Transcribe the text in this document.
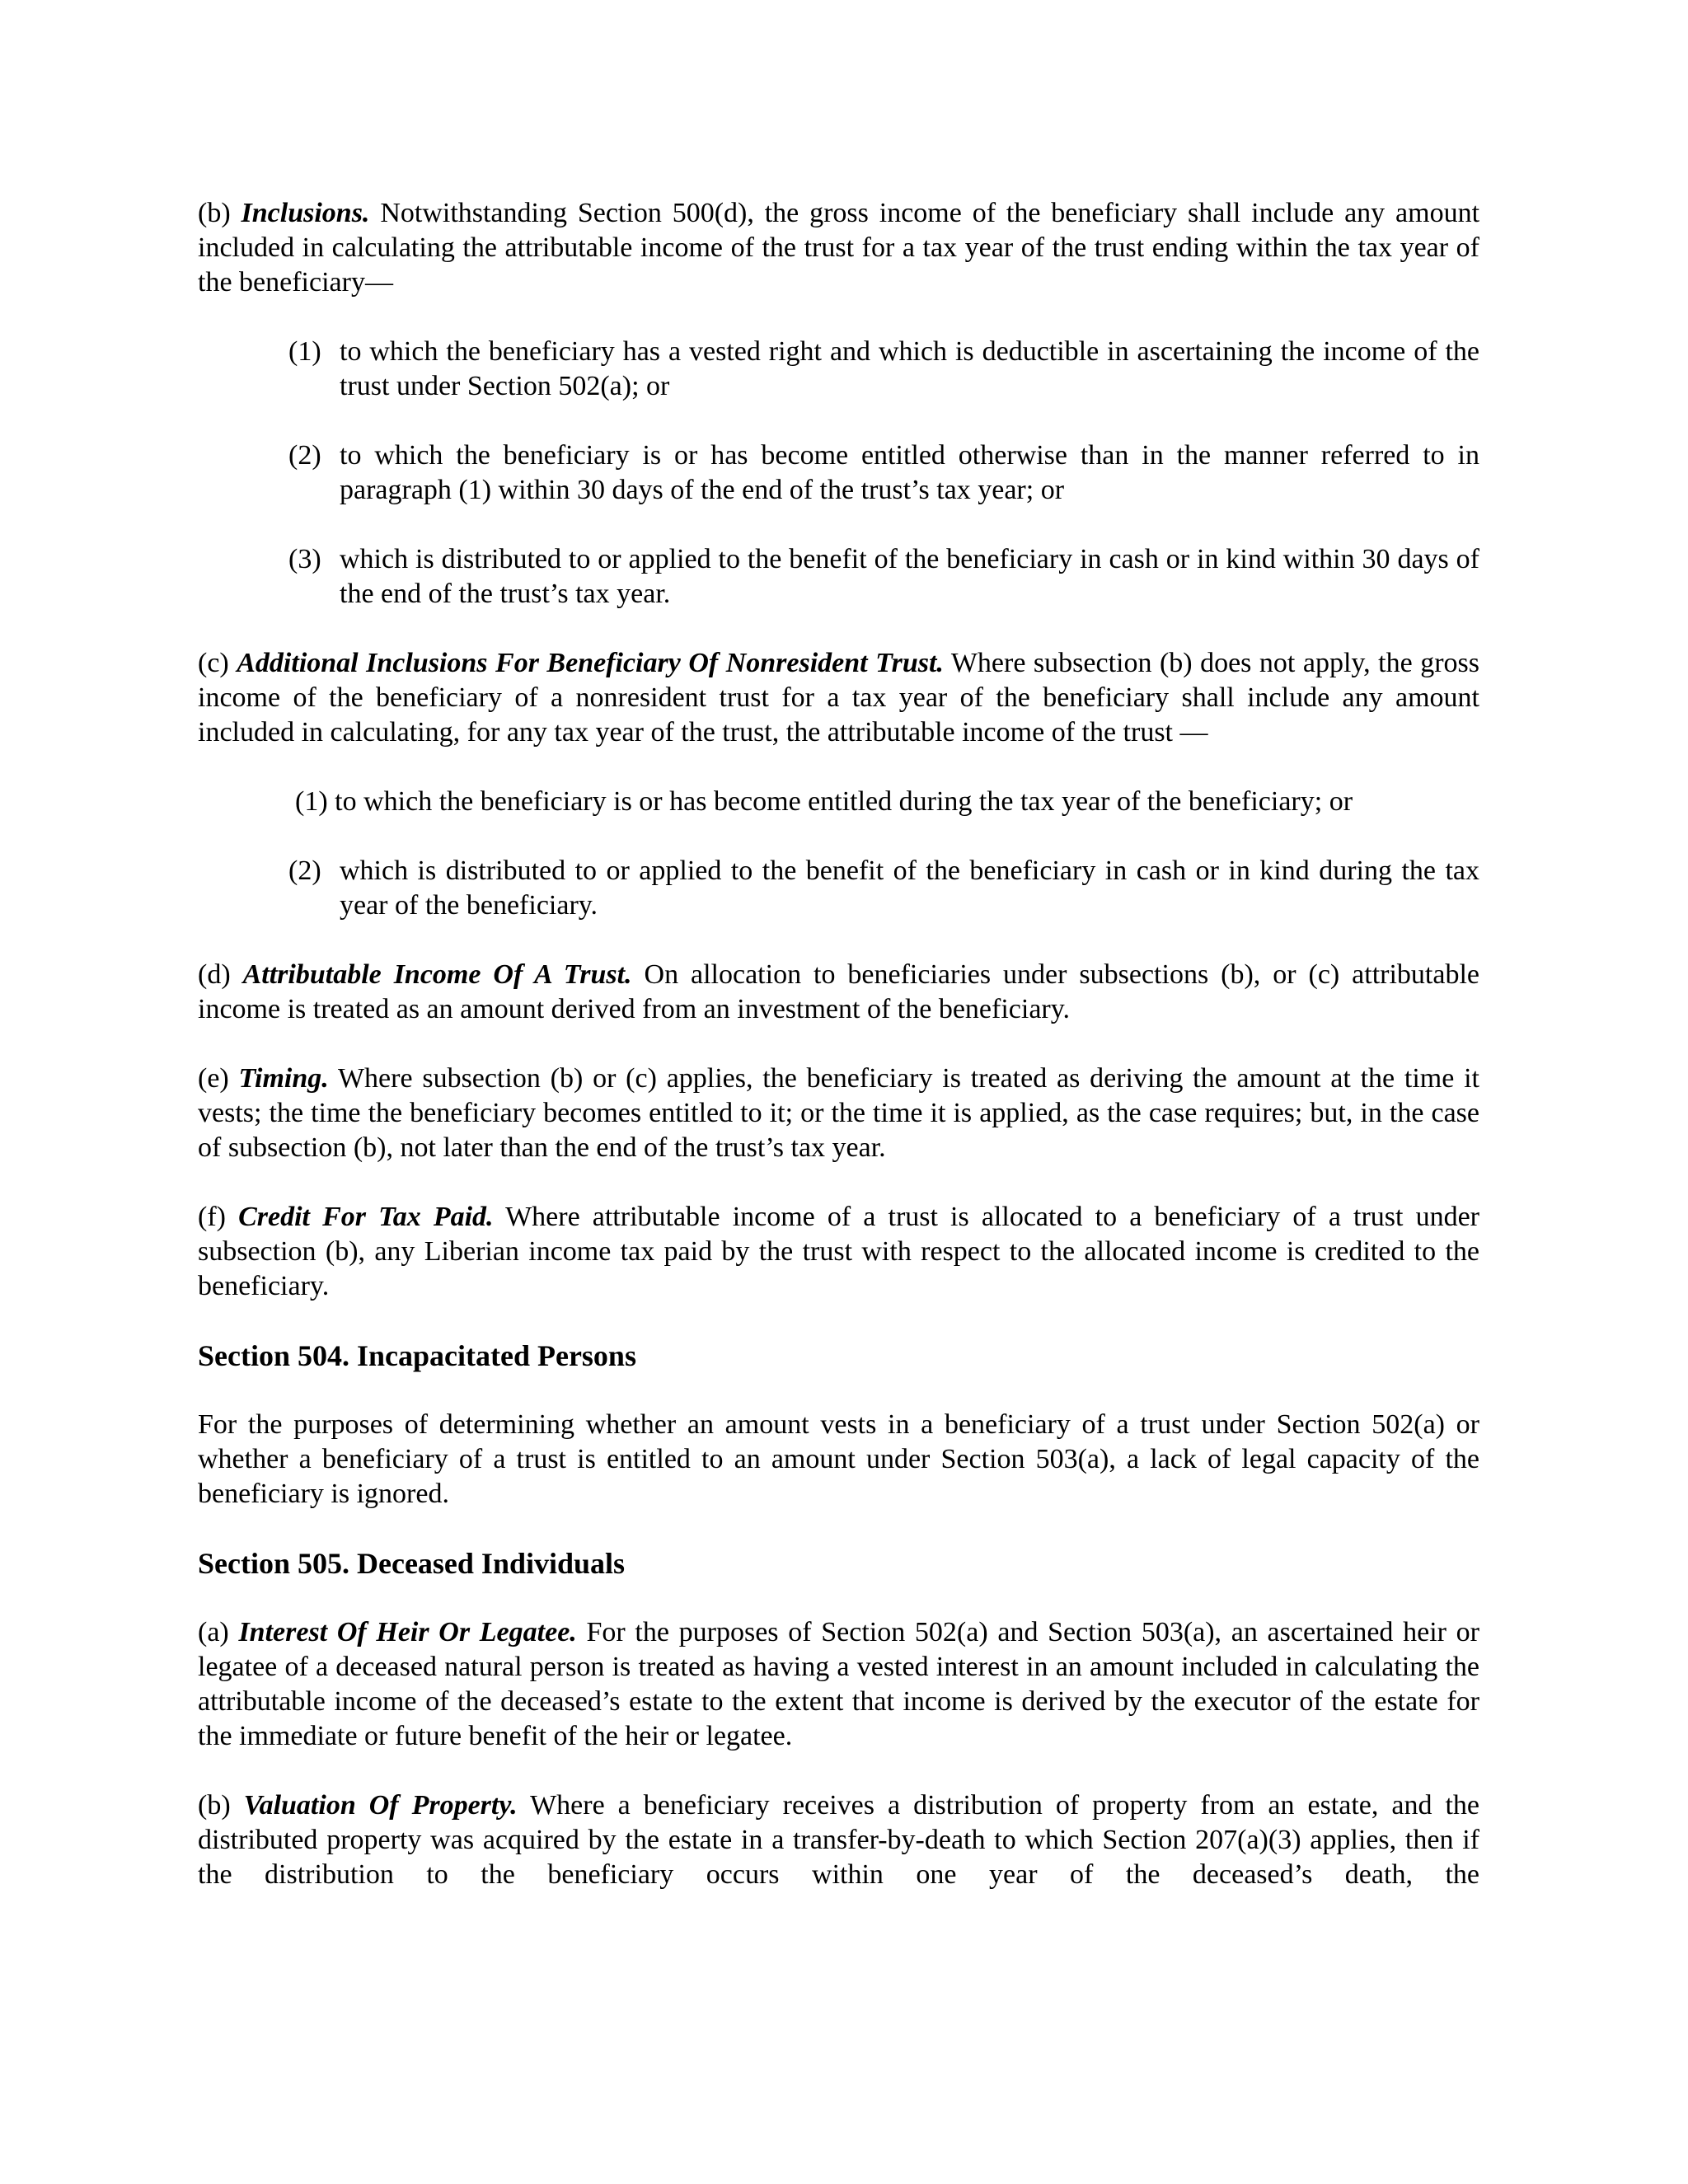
(b) Inclusions. Notwithstanding Section 500(d), the gross income of the beneficiary shall include any amount included in calculating the attributable income of the trust for a tax year of the trust ending within the tax year of the beneficiary—

(1) to which the beneficiary has a vested right and which is deductible in ascertaining the income of the trust under Section 502(a); or
(2) to which the beneficiary is or has become entitled otherwise than in the manner referred to in paragraph (1) within 30 days of the end of the trust’s tax year; or
(3) which is distributed to or applied to the benefit of the beneficiary in cash or in kind within 30 days of the end of the trust’s tax year.

(c) Additional Inclusions For Beneficiary Of Nonresident Trust. Where subsection (b) does not apply, the gross income of the beneficiary of a nonresident trust for a tax year of the beneficiary shall include any amount included in calculating, for any tax year of the trust, the attributable income of the trust —

(1) to which the beneficiary is or has become entitled during the tax year of the beneficiary; or
(2) which is distributed to or applied to the benefit of the beneficiary in cash or in kind during the tax year of the beneficiary.

(d) Attributable Income Of A Trust. On allocation to beneficiaries under subsections (b), or (c) attributable income is treated as an amount derived from an investment of the beneficiary.

(e) Timing. Where subsection (b) or (c) applies, the beneficiary is treated as deriving the amount at the time it vests; the time the beneficiary becomes entitled to it; or the time it is applied, as the case requires; but, in the case of subsection (b), not later than the end of the trust’s tax year.

(f) Credit For Tax Paid. Where attributable income of a trust is allocated to a beneficiary of a trust under subsection (b), any Liberian income tax paid by the trust with respect to the allocated income is credited to the beneficiary.

Section 504. Incapacitated Persons

For the purposes of determining whether an amount vests in a beneficiary of a trust under Section 502(a) or whether a beneficiary of a trust is entitled to an amount under Section 503(a), a lack of legal capacity of the beneficiary is ignored.

Section 505. Deceased Individuals

(a) Interest Of Heir Or Legatee. For the purposes of Section 502(a) and Section 503(a), an ascertained heir or legatee of a deceased natural person is treated as having a vested interest in an amount included in calculating the attributable income of the deceased’s estate to the extent that income is derived by the executor of the estate for the immediate or future benefit of the heir or legatee.

(b) Valuation Of Property. Where a beneficiary receives a distribution of property from an estate, and the distributed property was acquired by the estate in a transfer-by-death to which Section 207(a)(3) applies, then if the distribution to the beneficiary occurs within one year of the deceased’s death, the
